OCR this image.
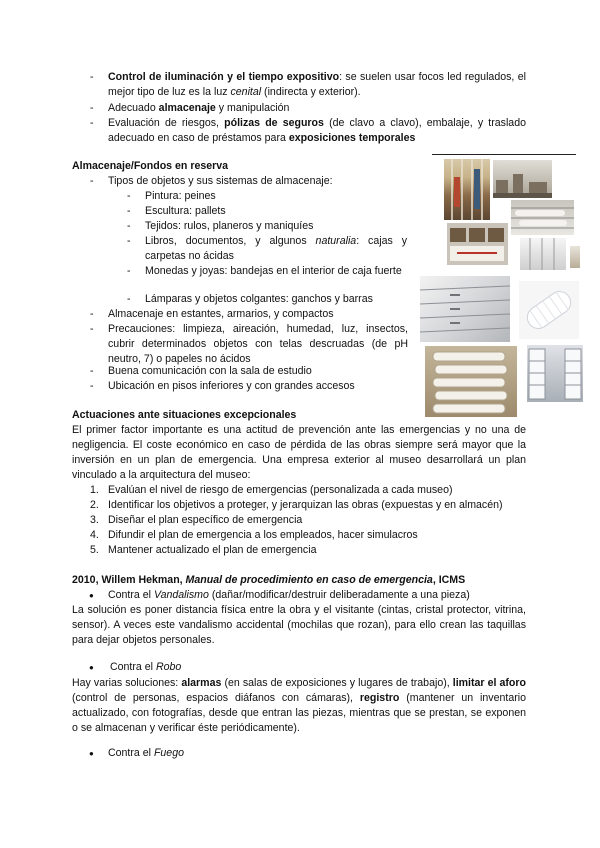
-	Control de iluminación y el tiempo expositivo: se suelen usar focos led regulados, el mejor tipo de luz es la luz cenital (indirecta y exterior).
-	Adecuado almacenaje y manipulación
-	Evaluación de riesgos, pólizas de seguros (de clavo a clavo), embalaje, y traslado adecuado en caso de préstamos para exposiciones temporales
Almacenaje/Fondos en reserva
-	Tipos de objetos y sus sistemas de almacenaje:
-	Pintura: peines
-	Escultura: pallets
-	Tejidos: rulos, planeros y maniquíes
-	Libros, documentos, y algunos naturalia: cajas y carpetas no ácidas
-	Monedas y joyas: bandejas en el interior de caja fuerte
-	Lámparas y objetos colgantes: ganchos y barras
-	Almacenaje en estantes, armarios, y compactos
-	Precauciones: limpieza, aireación, humedad, luz, insectos, cubrir determinados objetos con telas descruadas (de pH neutro, 7) o papeles no ácidos
-	Buena comunicación con la sala de estudio
-	Ubicación en pisos inferiores y con grandes accesos
Actuaciones ante situaciones excepcionales
El primer factor importante es una actitud de prevención ante las emergencias y no una de negligencia. El coste económico en caso de pérdida de las obras siempre será mayor que la inversión en un plan de emergencia. Una empresa exterior al museo desarrollará un plan vinculado a la arquitectura del museo:
1. Evalúan el nivel de riesgo de emergencias (personalizada a cada museo)
2. Identificar los objetivos a proteger, y jerarquizan las obras (expuestas y en almacén)
3. Diseñar el plan específico de emergencia
4. Difundir el plan de emergencia a los empleados, hacer simulacros
5. Mantener actualizado el plan de emergencia
2010, Willem Hekman, Manual de procedimiento en caso de emergencia, ICMS
● Contra el Vandalismo (dañar/modificar/destruir deliberadamente a una pieza)
La solución es poner distancia física entre la obra y el visitante (cintas, cristal protector, vitrina, sensor). A veces este vandalismo accidental (mochilas que rozan), para ello crean las taquillas para dejar objetos personales.
● Contra el Robo
Hay varias soluciones: alarmas (en salas de exposiciones y lugares de trabajo), limitar el aforo (control de personas, espacios diáfanos con cámaras), registro (mantener un inventario actualizado, con fotografías, desde que entran las piezas, mientras que se prestan, se exponen o se almacenan y verificar éste periódicamente).
● Contra el Fuego
